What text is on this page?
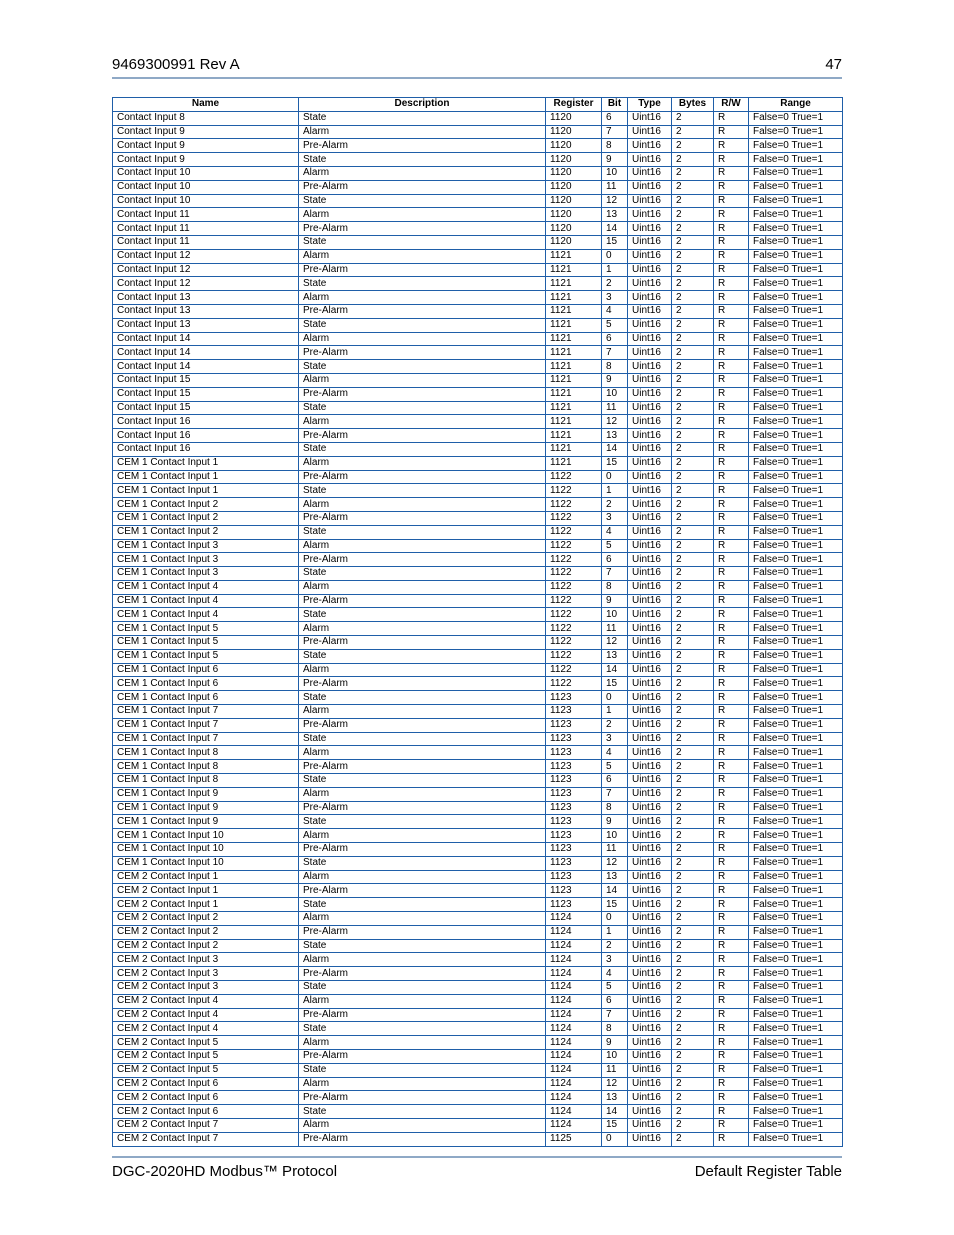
9469300991 Rev A	47
Name	Description	Register	Bit	Type	Bytes	R/W	Range
Contact Input 8	State	1120	6	Uint16	2	R	False=0 True=1
Contact Input 9	Alarm	1120	7	Uint16	2	R	False=0 True=1
Contact Input 9	Pre-Alarm	1120	8	Uint16	2	R	False=0 True=1
Contact Input 9	State	1120	9	Uint16	2	R	False=0 True=1
Contact Input 10	Alarm	1120	10	Uint16	2	R	False=0 True=1
Contact Input 10	Pre-Alarm	1120	11	Uint16	2	R	False=0 True=1
Contact Input 10	State	1120	12	Uint16	2	R	False=0 True=1
Contact Input 11	Alarm	1120	13	Uint16	2	R	False=0 True=1
Contact Input 11	Pre-Alarm	1120	14	Uint16	2	R	False=0 True=1
Contact Input 11	State	1120	15	Uint16	2	R	False=0 True=1
Contact Input 12	Alarm	1121	0	Uint16	2	R	False=0 True=1
Contact Input 12	Pre-Alarm	1121	1	Uint16	2	R	False=0 True=1
Contact Input 12	State	1121	2	Uint16	2	R	False=0 True=1
Contact Input 13	Alarm	1121	3	Uint16	2	R	False=0 True=1
Contact Input 13	Pre-Alarm	1121	4	Uint16	2	R	False=0 True=1
Contact Input 13	State	1121	5	Uint16	2	R	False=0 True=1
Contact Input 14	Alarm	1121	6	Uint16	2	R	False=0 True=1
Contact Input 14	Pre-Alarm	1121	7	Uint16	2	R	False=0 True=1
Contact Input 14	State	1121	8	Uint16	2	R	False=0 True=1
Contact Input 15	Alarm	1121	9	Uint16	2	R	False=0 True=1
Contact Input 15	Pre-Alarm	1121	10	Uint16	2	R	False=0 True=1
Contact Input 15	State	1121	11	Uint16	2	R	False=0 True=1
Contact Input 16	Alarm	1121	12	Uint16	2	R	False=0 True=1
Contact Input 16	Pre-Alarm	1121	13	Uint16	2	R	False=0 True=1
Contact Input 16	State	1121	14	Uint16	2	R	False=0 True=1
CEM 1 Contact Input 1	Alarm	1121	15	Uint16	2	R	False=0 True=1
CEM 1 Contact Input 1	Pre-Alarm	1122	0	Uint16	2	R	False=0 True=1
CEM 1 Contact Input 1	State	1122	1	Uint16	2	R	False=0 True=1
CEM 1 Contact Input 2	Alarm	1122	2	Uint16	2	R	False=0 True=1
CEM 1 Contact Input 2	Pre-Alarm	1122	3	Uint16	2	R	False=0 True=1
CEM 1 Contact Input 2	State	1122	4	Uint16	2	R	False=0 True=1
CEM 1 Contact Input 3	Alarm	1122	5	Uint16	2	R	False=0 True=1
CEM 1 Contact Input 3	Pre-Alarm	1122	6	Uint16	2	R	False=0 True=1
CEM 1 Contact Input 3	State	1122	7	Uint16	2	R	False=0 True=1
CEM 1 Contact Input 4	Alarm	1122	8	Uint16	2	R	False=0 True=1
CEM 1 Contact Input 4	Pre-Alarm	1122	9	Uint16	2	R	False=0 True=1
CEM 1 Contact Input 4	State	1122	10	Uint16	2	R	False=0 True=1
CEM 1 Contact Input 5	Alarm	1122	11	Uint16	2	R	False=0 True=1
CEM 1 Contact Input 5	Pre-Alarm	1122	12	Uint16	2	R	False=0 True=1
CEM 1 Contact Input 5	State	1122	13	Uint16	2	R	False=0 True=1
CEM 1 Contact Input 6	Alarm	1122	14	Uint16	2	R	False=0 True=1
CEM 1 Contact Input 6	Pre-Alarm	1122	15	Uint16	2	R	False=0 True=1
CEM 1 Contact Input 6	State	1123	0	Uint16	2	R	False=0 True=1
CEM 1 Contact Input 7	Alarm	1123	1	Uint16	2	R	False=0 True=1
CEM 1 Contact Input 7	Pre-Alarm	1123	2	Uint16	2	R	False=0 True=1
CEM 1 Contact Input 7	State	1123	3	Uint16	2	R	False=0 True=1
CEM 1 Contact Input 8	Alarm	1123	4	Uint16	2	R	False=0 True=1
CEM 1 Contact Input 8	Pre-Alarm	1123	5	Uint16	2	R	False=0 True=1
CEM 1 Contact Input 8	State	1123	6	Uint16	2	R	False=0 True=1
CEM 1 Contact Input 9	Alarm	1123	7	Uint16	2	R	False=0 True=1
CEM 1 Contact Input 9	Pre-Alarm	1123	8	Uint16	2	R	False=0 True=1
CEM 1 Contact Input 9	State	1123	9	Uint16	2	R	False=0 True=1
CEM 1 Contact Input 10	Alarm	1123	10	Uint16	2	R	False=0 True=1
CEM 1 Contact Input 10	Pre-Alarm	1123	11	Uint16	2	R	False=0 True=1
CEM 1 Contact Input 10	State	1123	12	Uint16	2	R	False=0 True=1
CEM 2 Contact Input 1	Alarm	1123	13	Uint16	2	R	False=0 True=1
CEM 2 Contact Input 1	Pre-Alarm	1123	14	Uint16	2	R	False=0 True=1
CEM 2 Contact Input 1	State	1123	15	Uint16	2	R	False=0 True=1
CEM 2 Contact Input 2	Alarm	1124	0	Uint16	2	R	False=0 True=1
CEM 2 Contact Input 2	Pre-Alarm	1124	1	Uint16	2	R	False=0 True=1
CEM 2 Contact Input 2	State	1124	2	Uint16	2	R	False=0 True=1
CEM 2 Contact Input 3	Alarm	1124	3	Uint16	2	R	False=0 True=1
CEM 2 Contact Input 3	Pre-Alarm	1124	4	Uint16	2	R	False=0 True=1
CEM 2 Contact Input 3	State	1124	5	Uint16	2	R	False=0 True=1
CEM 2 Contact Input 4	Alarm	1124	6	Uint16	2	R	False=0 True=1
CEM 2 Contact Input 4	Pre-Alarm	1124	7	Uint16	2	R	False=0 True=1
CEM 2 Contact Input 4	State	1124	8	Uint16	2	R	False=0 True=1
CEM 2 Contact Input 5	Alarm	1124	9	Uint16	2	R	False=0 True=1
CEM 2 Contact Input 5	Pre-Alarm	1124	10	Uint16	2	R	False=0 True=1
CEM 2 Contact Input 5	State	1124	11	Uint16	2	R	False=0 True=1
CEM 2 Contact Input 6	Alarm	1124	12	Uint16	2	R	False=0 True=1
CEM 2 Contact Input 6	Pre-Alarm	1124	13	Uint16	2	R	False=0 True=1
CEM 2 Contact Input 6	State	1124	14	Uint16	2	R	False=0 True=1
CEM 2 Contact Input 7	Alarm	1124	15	Uint16	2	R	False=0 True=1
CEM 2 Contact Input 7	Pre-Alarm	1125	0	Uint16	2	R	False=0 True=1
DGC-2020HD Modbus™ Protocol	Default Register Table
